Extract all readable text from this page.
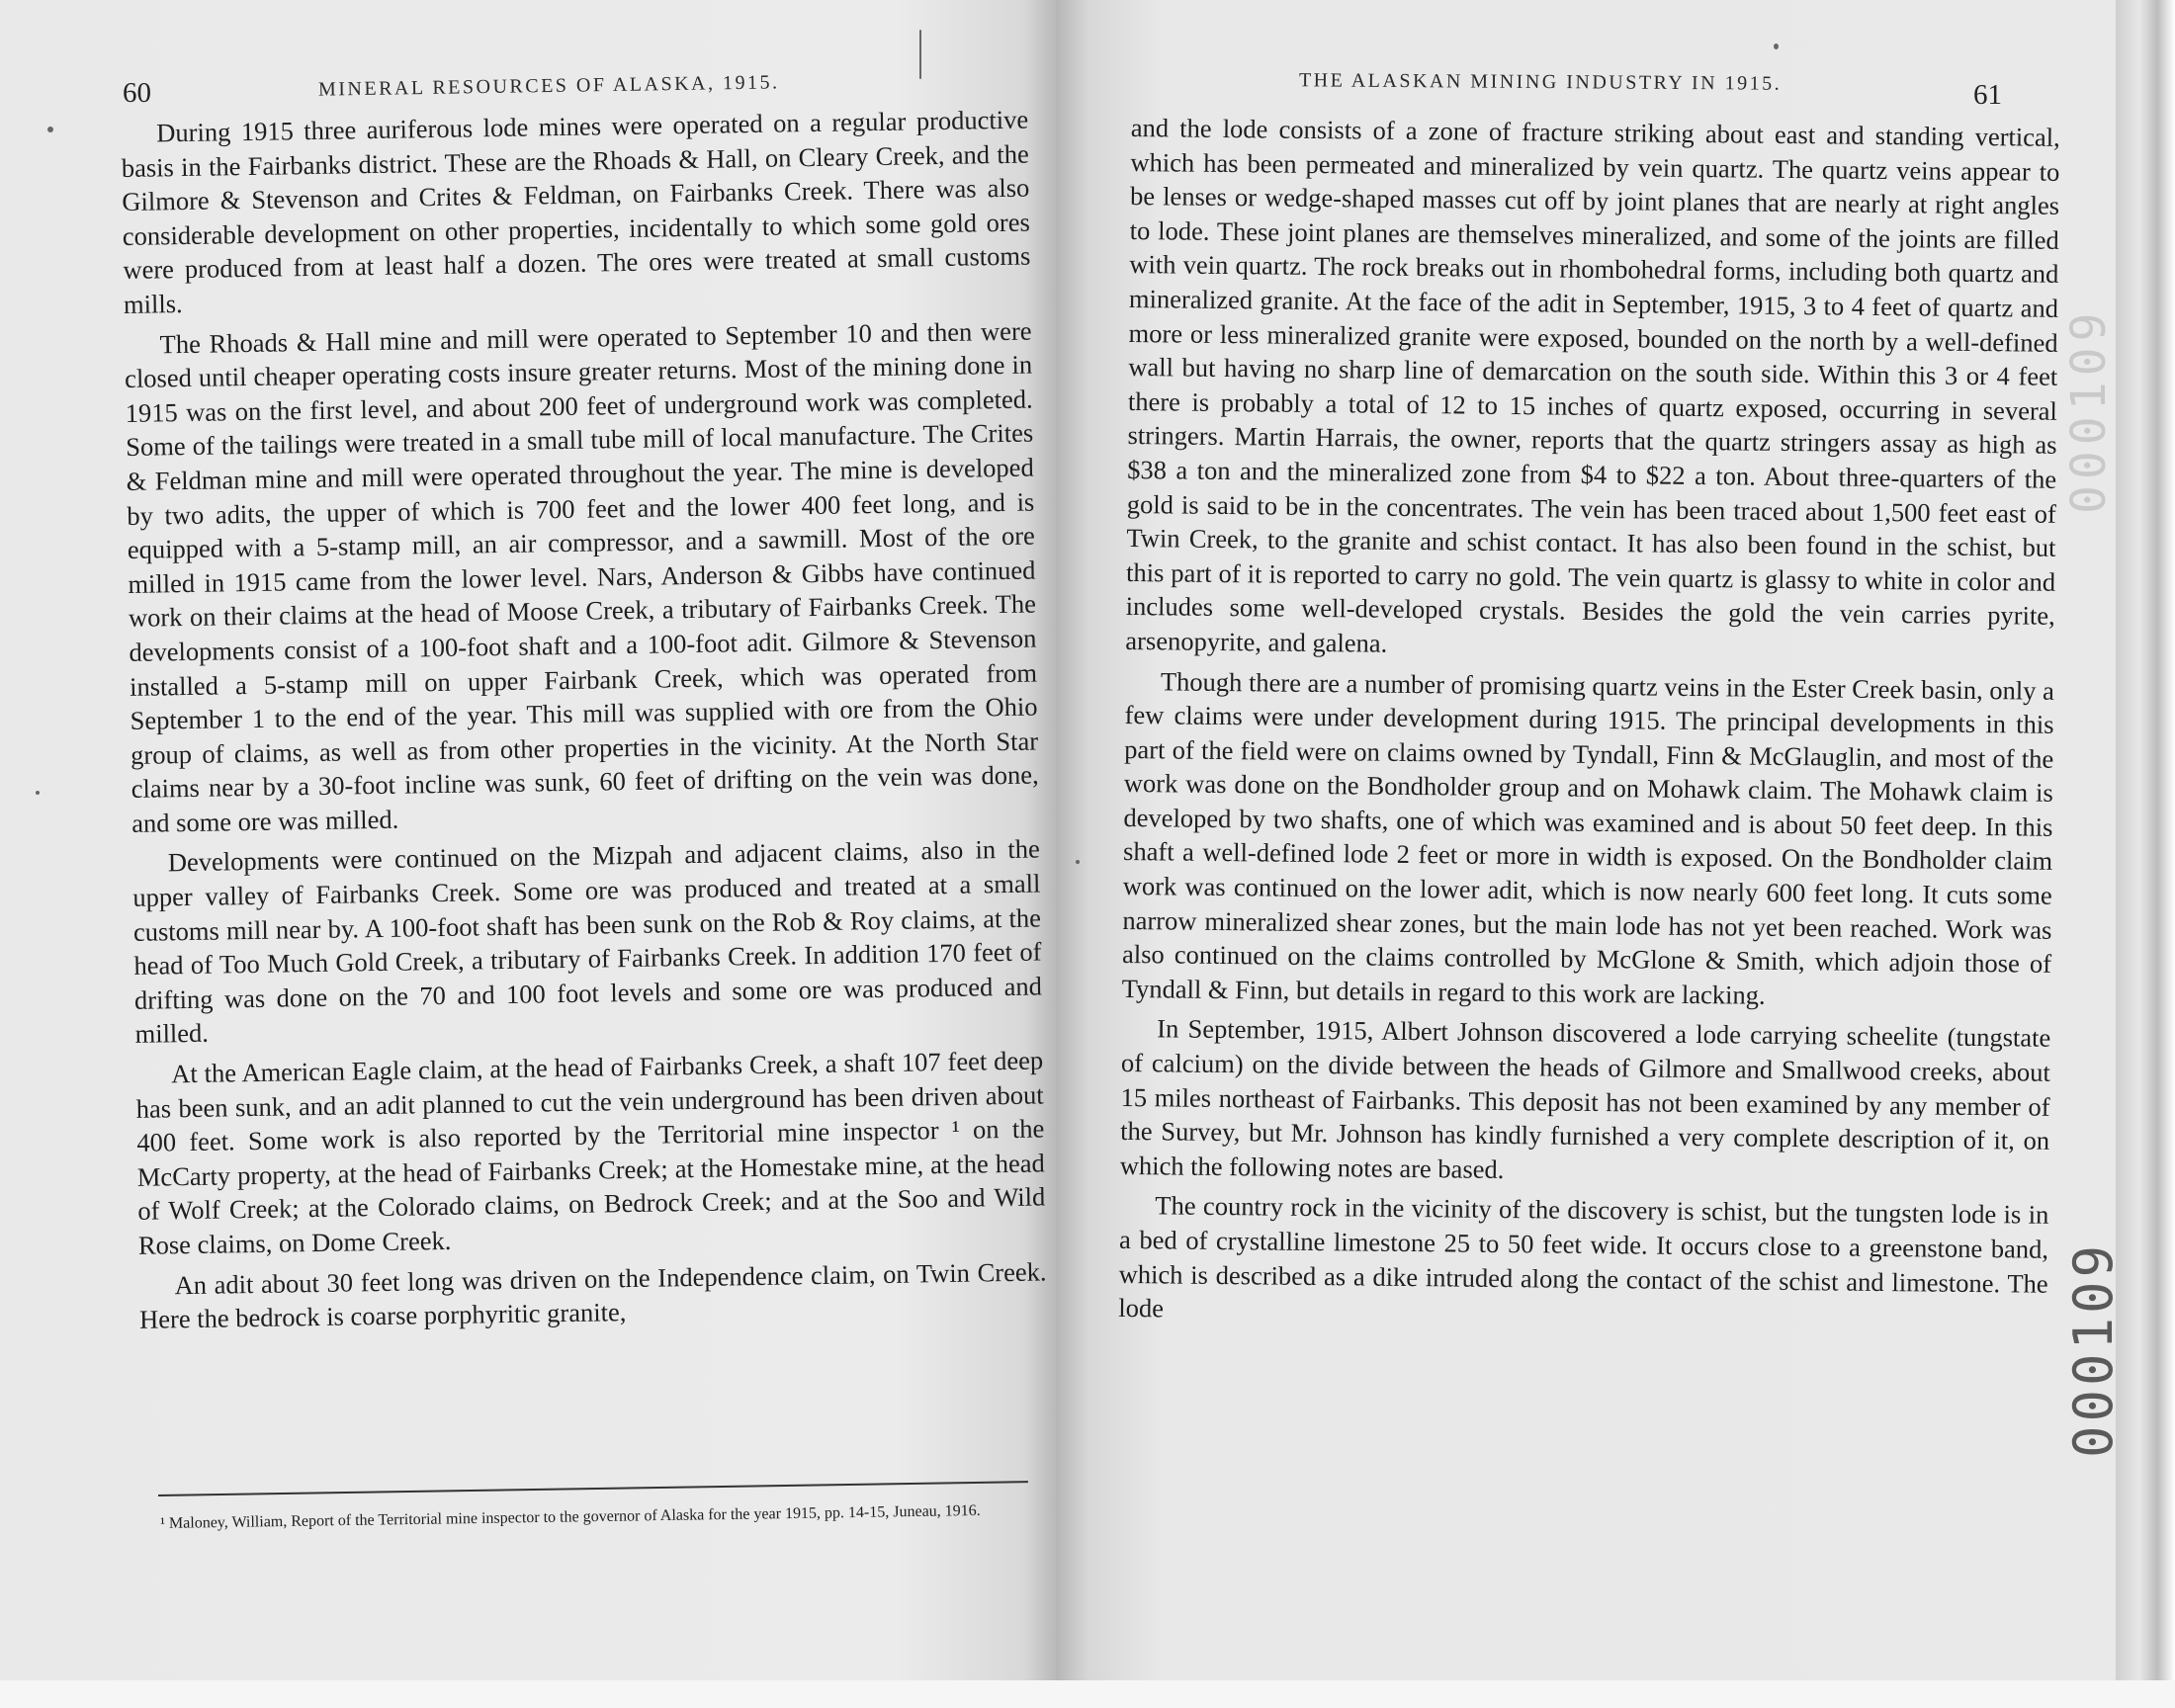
60	MINERAL RESOURCES OF ALASKA, 1915.

During 1915 three auriferous lode mines were operated on a regular productive basis in the Fairbanks district. These are the Rhoads & Hall, on Cleary Creek, and the Gilmore & Stevenson and Crites & Feldman, on Fairbanks Creek. There was also considerable development on other properties, incidentally to which some gold ores were produced from at least half a dozen. The ores were treated at small customs mills.

The Rhoads & Hall mine and mill were operated to September 10 and then were closed until cheaper operating costs insure greater returns. Most of the mining done in 1915 was on the first level, and about 200 feet of underground work was completed. Some of the tailings were treated in a small tube mill of local manufacture. The Crites & Feldman mine and mill were operated throughout the year. The mine is developed by two adits, the upper of which is 700 feet and the lower 400 feet long, and is equipped with a 5-stamp mill, an air compressor, and a sawmill. Most of the ore milled in 1915 came from the lower level. Nars, Anderson & Gibbs have continued work on their claims at the head of Moose Creek, a tributary of Fairbanks Creek. The developments consist of a 100-foot shaft and a 100-foot adit. Gilmore & Stevenson installed a 5-stamp mill on upper Fairbank Creek, which was operated from September 1 to the end of the year. This mill was supplied with ore from the Ohio group of claims, as well as from other properties in the vicinity. At the North Star claims near by a 30-foot incline was sunk, 60 feet of drifting on the vein was done, and some ore was milled.

Developments were continued on the Mizpah and adjacent claims, also in the upper valley of Fairbanks Creek. Some ore was produced and treated at a small customs mill near by. A 100-foot shaft has been sunk on the Rob & Roy claims, at the head of Too Much Gold Creek, a tributary of Fairbanks Creek. In addition 170 feet of drifting was done on the 70 and 100 foot levels and some ore was produced and milled.

At the American Eagle claim, at the head of Fairbanks Creek, a shaft 107 feet deep has been sunk, and an adit planned to cut the vein underground has been driven about 400 feet. Some work is also reported by the Territorial mine inspector ¹ on the McCarty property, at the head of Fairbanks Creek; at the Homestake mine, at the head of Wolf Creek; at the Colorado claims, on Bedrock Creek; and at the Soo and Wild Rose claims, on Dome Creek.

An adit about 30 feet long was driven on the Independence claim, on Twin Creek. Here the bedrock is coarse porphyritic granite,

¹ Maloney, William, Report of the Territorial mine inspector to the governor of Alaska for the year 1915, pp. 14-15, Juneau, 1916.
THE ALASKAN MINING INDUSTRY IN 1915.	61

and the lode consists of a zone of fracture striking about east and standing vertical, which has been permeated and mineralized by vein quartz. The quartz veins appear to be lenses or wedge-shaped masses cut off by joint planes that are nearly at right angles to lode. These joint planes are themselves mineralized, and some of the joints are filled with vein quartz. The rock breaks out in rhombohedral forms, including both quartz and mineralized granite. At the face of the adit in September, 1915, 3 to 4 feet of quartz and more or less mineralized granite were exposed, bounded on the north by a well-defined wall but having no sharp line of demarcation on the south side. Within this 3 or 4 feet there is probably a total of 12 to 15 inches of quartz exposed, occurring in several stringers. Martin Harrais, the owner, reports that the quartz stringers assay as high as $38 a ton and the mineralized zone from $4 to $22 a ton. About three-quarters of the gold is said to be in the concentrates. The vein has been traced about 1,500 feet east of Twin Creek, to the granite and schist contact. It has also been found in the schist, but this part of it is reported to carry no gold. The vein quartz is glassy to white in color and includes some well-developed crystals. Besides the gold the vein carries pyrite, arsenopyrite, and galena.

Though there are a number of promising quartz veins in the Ester Creek basin, only a few claims were under development during 1915. The principal developments in this part of the field were on claims owned by Tyndall, Finn & McGlauglin, and most of the work was done on the Bondholder group and on Mohawk claim. The Mohawk claim is developed by two shafts, one of which was examined and is about 50 feet deep. In this shaft a well-defined lode 2 feet or more in width is exposed. On the Bondholder claim work was continued on the lower adit, which is now nearly 600 feet long. It cuts some narrow mineralized shear zones, but the main lode has not yet been reached. Work was also continued on the claims controlled by McGlone & Smith, which adjoin those of Tyndall & Finn, but details in regard to this work are lacking.

In September, 1915, Albert Johnson discovered a lode carrying scheelite (tungstate of calcium) on the divide between the heads of Gilmore and Smallwood creeks, about 15 miles northeast of Fairbanks. This deposit has not been examined by any member of the Survey, but Mr. Johnson has kindly furnished a very complete description of it, on which the following notes are based.

The country rock in the vicinity of the discovery is schist, but the tungsten lode is in a bed of crystalline limestone 25 to 50 feet wide. It occurs close to a greenstone band, which is described as a dike intruded along the contact of the schist and limestone. The lode

000109
000109
